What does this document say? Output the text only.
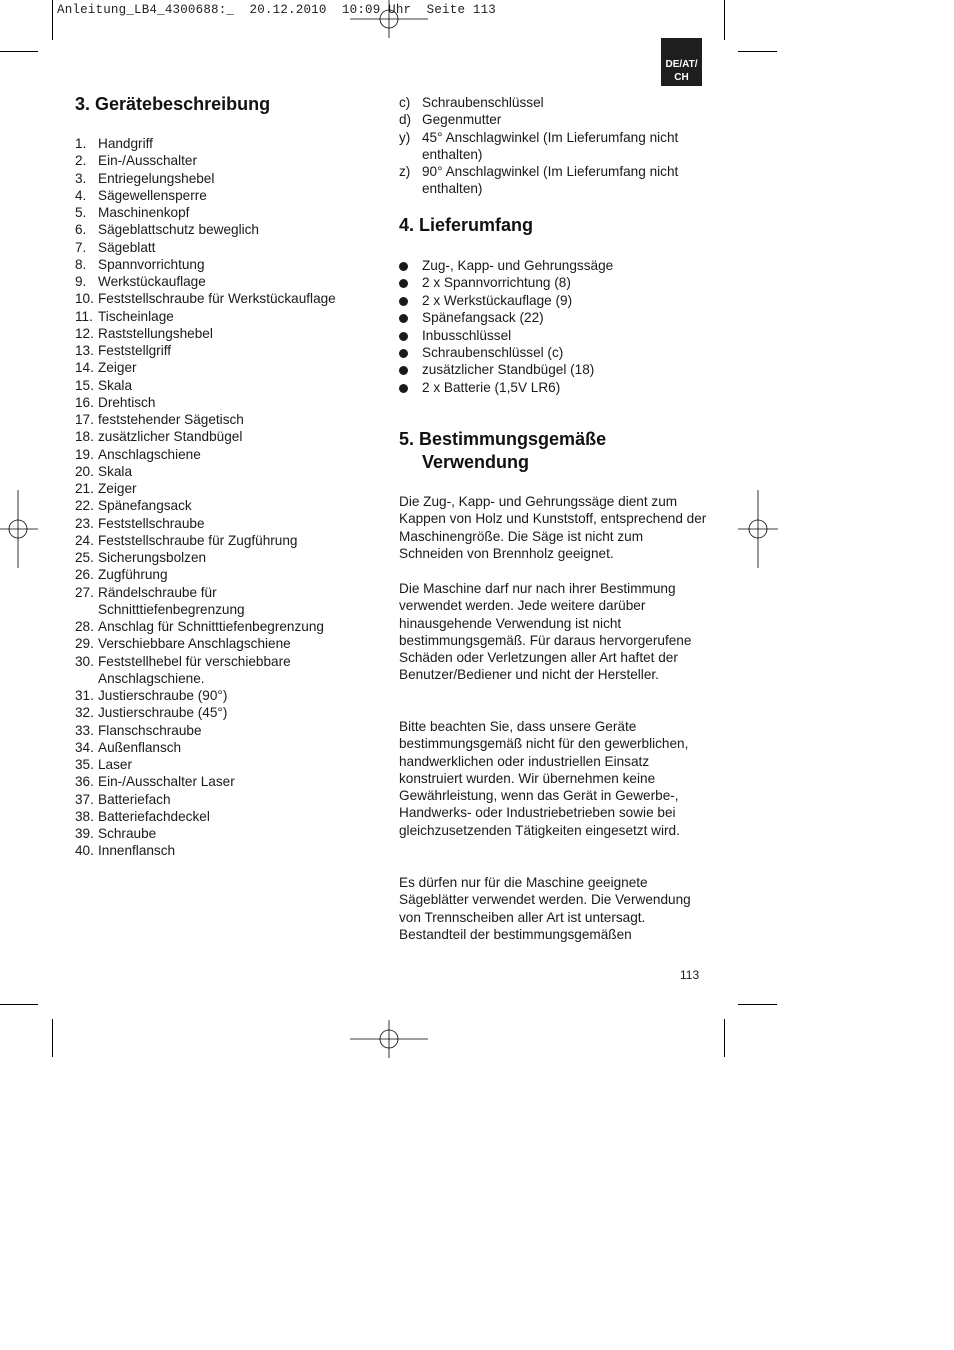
Anleitung_LB4_4300688:_  20.12.2010  10:09 Uhr  Seite 113
DE/AT/
CH
3. Gerätebeschreibung
1. Handgriff
2. Ein-/Ausschalter
3. Entriegelungshebel
4. Sägewellensperre
5. Maschinenkopf
6. Sägeblattschutz beweglich
7. Sägeblatt
8. Spannvorrichtung
9. Werkstückauflage
10. Feststellschraube für Werkstückauflage
11. Tischeinlage
12. Raststellungshebel
13. Feststellgriff
14. Zeiger
15. Skala
16. Drehtisch
17. feststehender Sägetisch
18. zusätzlicher Standbügel
19. Anschlagschiene
20. Skala
21. Zeiger
22. Spänefangsack
23. Feststellschraube
24. Feststellschraube für Zugführung
25. Sicherungsbolzen
26. Zugführung
27. Rändelschraube für Schnitttiefenbegrenzung
28. Anschlag für Schnitttiefenbegrenzung
29. Verschiebbare Anschlagschiene
30. Feststellhebel für verschiebbare Anschlagschiene.
31. Justierschraube (90°)
32. Justierschraube (45°)
33. Flanschschraube
34. Außenflansch
35. Laser
36. Ein-/Ausschalter Laser
37. Batteriefach
38. Batteriefachdeckel
39. Schraube
40. Innenflansch
c) Schraubenschlüssel
d) Gegenmutter
y) 45° Anschlagwinkel (Im Lieferumfang nicht enthalten)
z) 90° Anschlagwinkel (Im Lieferumfang nicht enthalten)
4. Lieferumfang
Zug-, Kapp- und Gehrungssäge
2 x Spannvorrichtung (8)
2 x Werkstückauflage (9)
Spänefangsack (22)
Inbusschlüssel
Schraubenschlüssel (c)
zusätzlicher Standbügel (18)
2 x Batterie (1,5V LR6)
5. Bestimmungsgemäße
Verwendung

Die Zug-, Kapp- und Gehrungssäge dient zum Kappen von Holz und Kunststoff, entsprechend der Maschinengröße. Die Säge ist nicht zum Schneiden von Brennholz geeignet.

Die Maschine darf nur nach ihrer Bestimmung verwendet werden. Jede weitere darüber hinausgehende Verwendung ist nicht bestimmungsgemäß. Für daraus hervorgerufene Schäden oder Verletzungen aller Art haftet der Benutzer/Bediener und nicht der Hersteller.

Bitte beachten Sie, dass unsere Geräte bestimmungsgemäß nicht für den gewerblichen, handwerklichen oder industriellen Einsatz konstruiert wurden. Wir übernehmen keine Gewährleistung, wenn das Gerät in Gewerbe-, Handwerks- oder Industriebetrieben sowie bei gleichzusetzenden Tätigkeiten eingesetzt wird.

Es dürfen nur für die Maschine geeignete Sägeblätter verwendet werden. Die Verwendung von Trennscheiben aller Art ist untersagt.
Bestandteil der bestimmungsgemäßen

113
